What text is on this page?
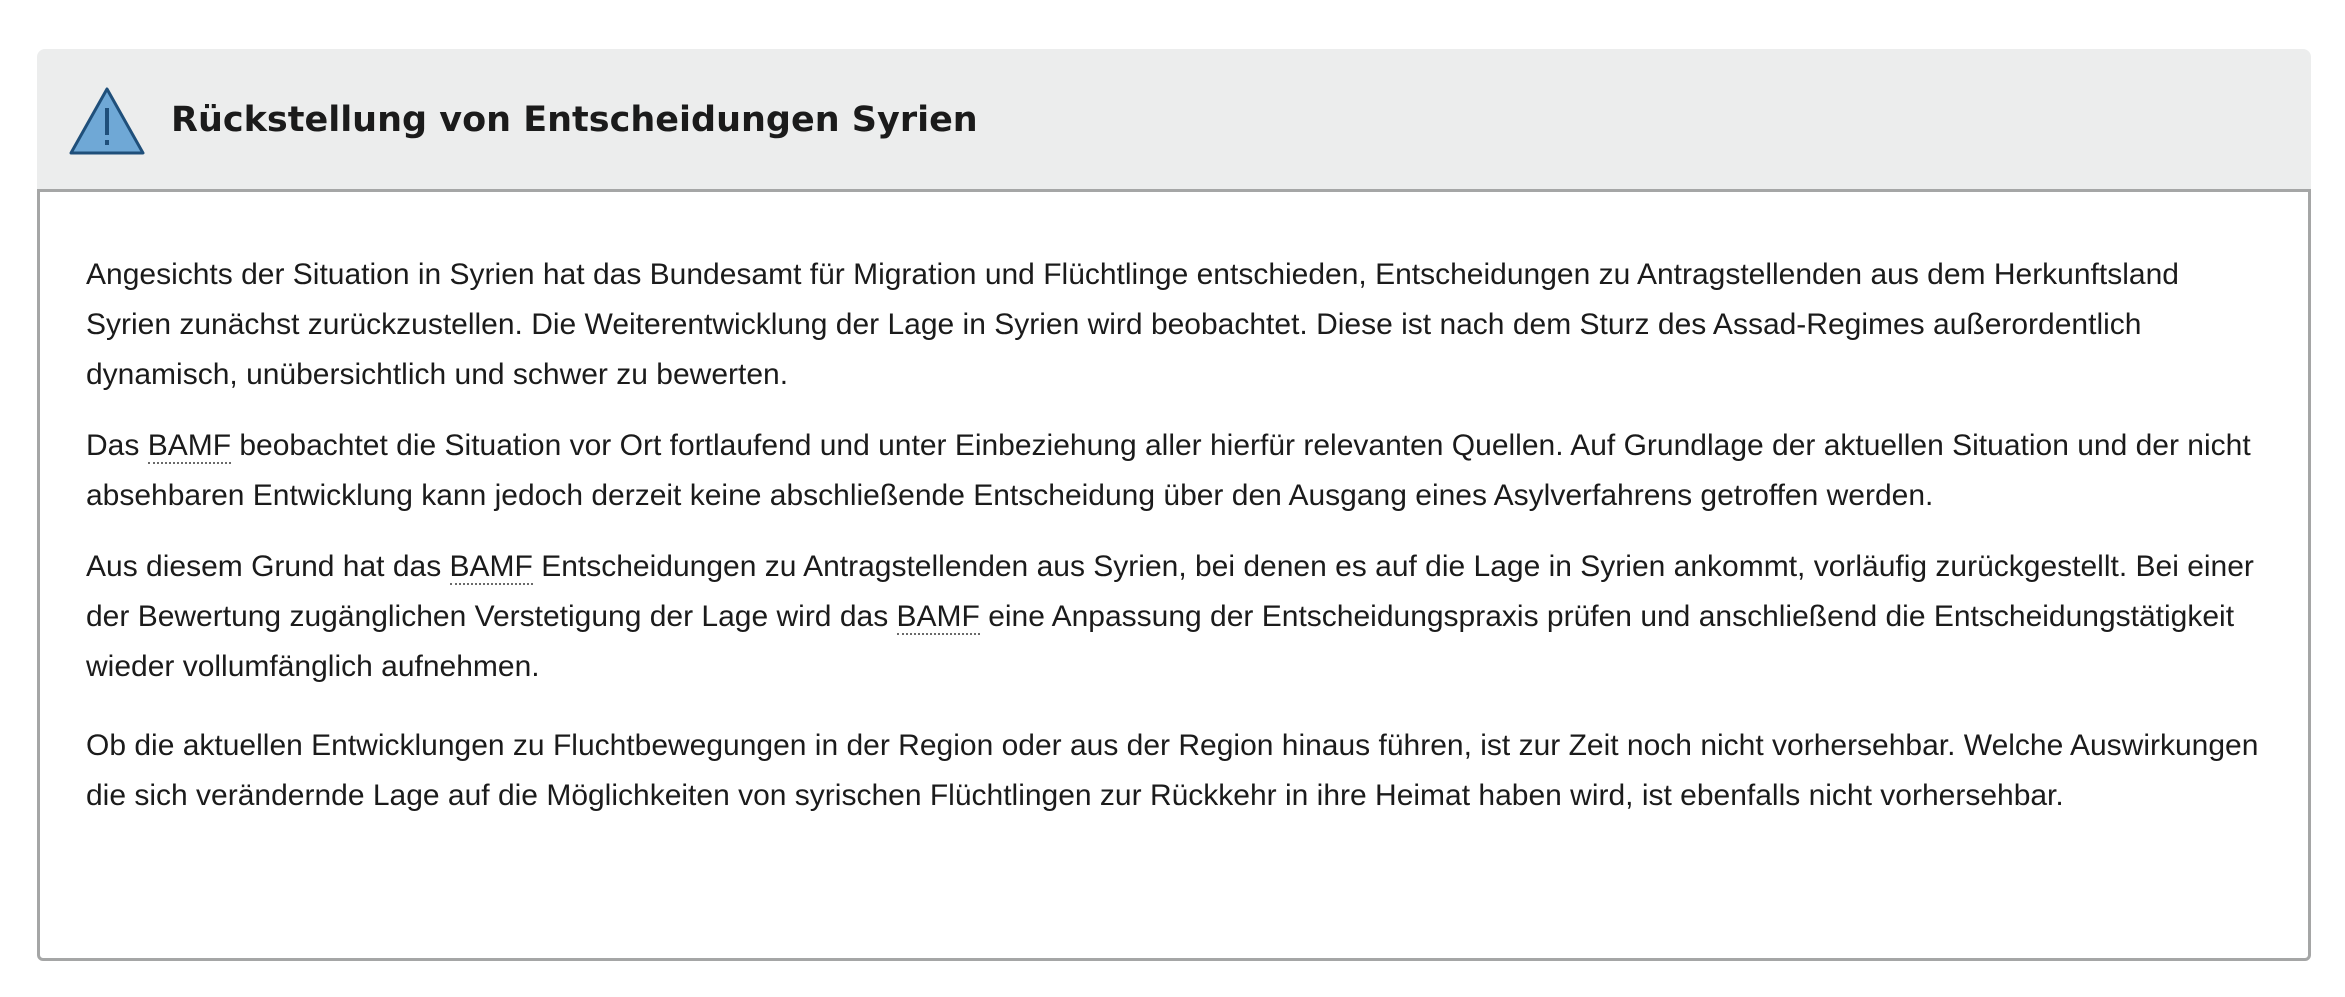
Rückstellung von Entscheidungen Syrien

Angesichts der Situation in Syrien hat das Bundesamt für Migration und Flüchtlinge entschieden, Entscheidungen zu Antragstellenden aus dem Herkunftsland Syrien zunächst zurückzustellen. Die Weiterentwicklung der Lage in Syrien wird beobachtet. Diese ist nach dem Sturz des Assad-Regimes außerordentlich dynamisch, unübersichtlich und schwer zu bewerten.

Das BAMF beobachtet die Situation vor Ort fortlaufend und unter Einbeziehung aller hierfür relevanten Quellen. Auf Grundlage der aktuellen Situation und der nicht absehbaren Entwicklung kann jedoch derzeit keine abschließende Entscheidung über den Ausgang eines Asylverfahrens getroffen werden.

Aus diesem Grund hat das BAMF Entscheidungen zu Antragstellenden aus Syrien, bei denen es auf die Lage in Syrien ankommt, vorläufig zurückgestellt. Bei einer der Bewertung zugänglichen Verstetigung der Lage wird das BAMF eine Anpassung der Entscheidungspraxis prüfen und anschließend die Entscheidungstätigkeit wieder vollumfänglich aufnehmen.

Ob die aktuellen Entwicklungen zu Fluchtbewegungen in der Region oder aus der Region hinaus führen, ist zur Zeit noch nicht vorhersehbar. Welche Auswirkungen die sich verändernde Lage auf die Möglichkeiten von syrischen Flüchtlingen zur Rückkehr in ihre Heimat haben wird, ist ebenfalls nicht vorhersehbar.
